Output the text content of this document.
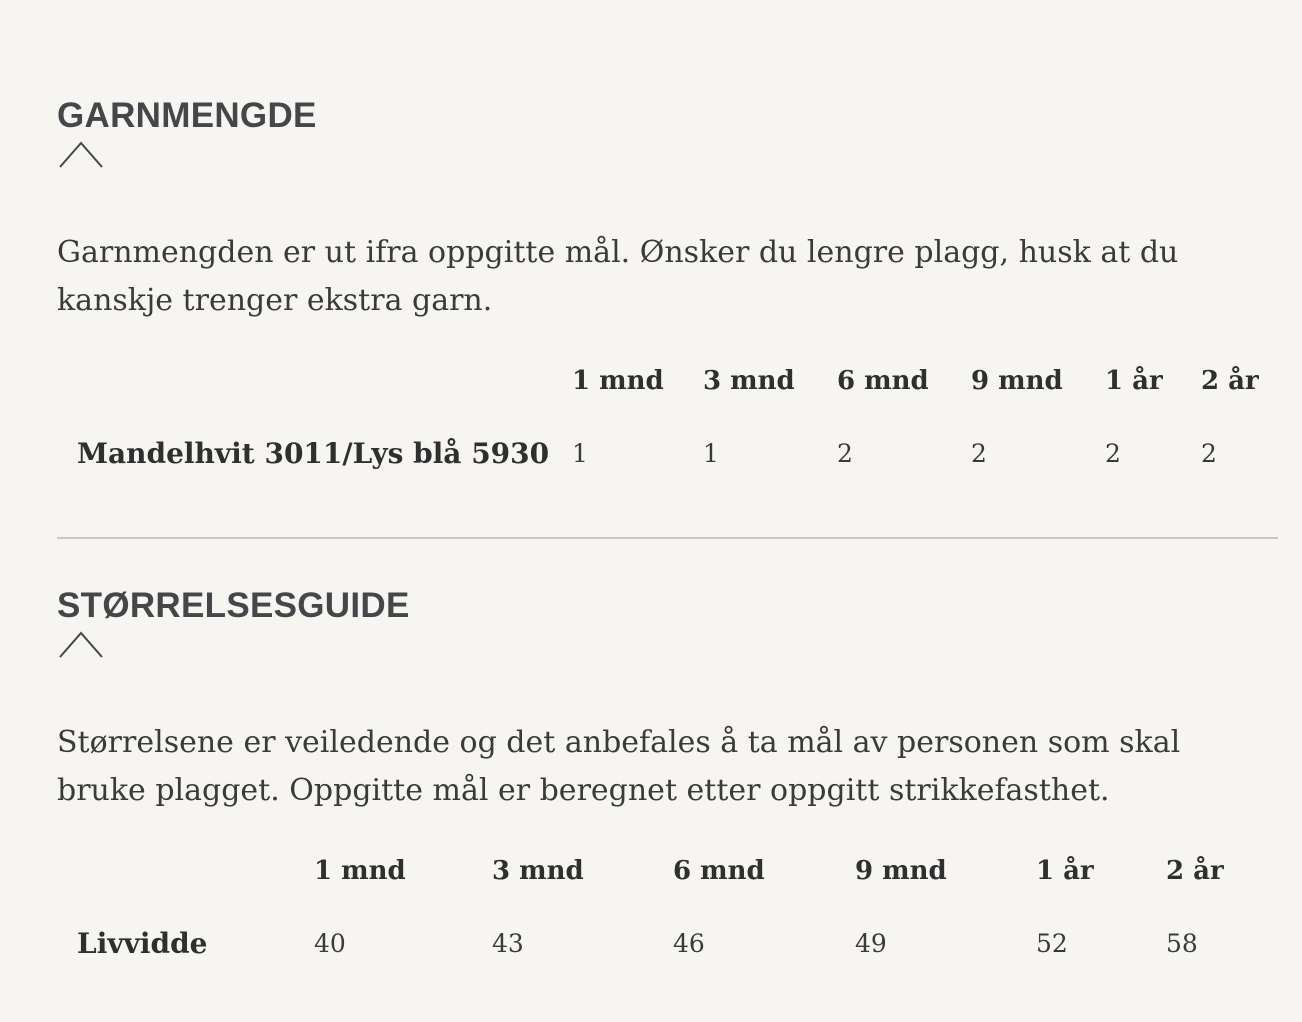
GARNMENGDE

Garnmengden er ut ifra oppgitte mål. Ønsker du lengre plagg, husk at du kanskje trenger ekstra garn.

	1 mnd	3 mnd	6 mnd	9 mnd	1 år	2 år
Mandelhvit 3011/Lys blå 5930	1	1	2	2	2	2
STØRRELSESGUIDE

Størrelsene er veiledende og det anbefales å ta mål av personen som skal bruke plagget. Oppgitte mål er beregnet etter oppgitt strikkefasthet.

	1 mnd	3 mnd	6 mnd	9 mnd	1 år	2 år
Livvidde	40	43	46	49	52	58
